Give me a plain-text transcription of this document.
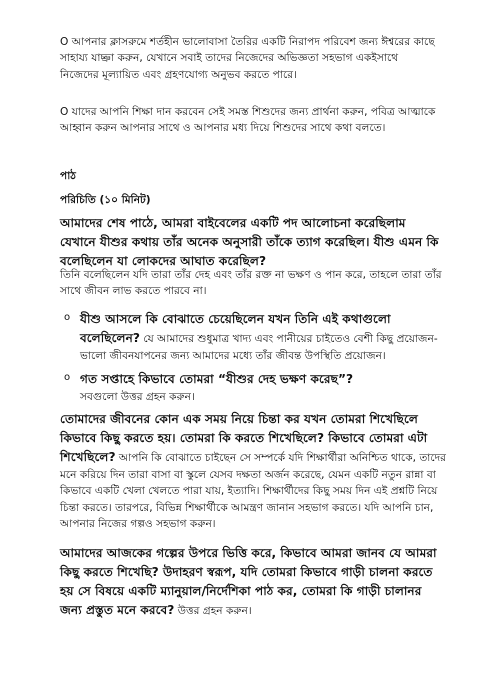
O আপনার ক্লাসরুমে শর্তহীন ভালোবাসা তৈরির একটি নিরাপদ পরিবেশ জন্য ঈশ্বরের কাছে সাহায্য যাচ্ঞা করুন, যেখানে সবাই তাদের নিজেদের অভিজ্ঞতা সহভাগ একইসাথে নিজেদের মূল্যায়িত এবং গ্রহণযোগ্য অনুভব করতে পারে।

O যাদের আপনি শিক্ষা দান করবেন সেই সমস্ত শিশুদের জন্য প্রার্থনা করুন, পবিত্র আত্মাকে আহ্বান করুন আপনার সাথে ও আপনার মধ্য দিয়ে শিশুদের সাথে কথা বলতে।

পাঠ

পরিচিতি (১০ মিনিট)

আমাদের শেষ পাঠে, আমরা বাইবেলের একটি পদ আলোচনা করেছিলাম যেখানে যীশুর কথায় তাঁর অনেক অনুসারী তাঁকে ত্যাগ করেছিল। যীশু এমন কি বলেছিলেন যা লোকদের আঘাত করেছিল?

তিনি বলেছিলেন যদি তারা তাঁর দেহ এবং তাঁর রক্ত না ভক্ষণ ও পান করে, তাহলে তারা তাঁর সাথে জীবন লাভ করতে পারবে না।

o যীশু আসলে কি বোঝাতে চেয়েছিলেন যখন তিনি এই কথাগুলো বলেছিলেন? যে আমাদের শুধুমাত্র খাদ্য এবং পানীয়ের চাইতেও বেশী কিছু প্রয়োজন- ভালো জীবনযাপনের জন্য আমাদের মধ্যে তাঁর জীবন্ত উপস্থিতি প্রয়োজন।
o গত সপ্তাহে কিভাবে তোমরা “যীশুর দেহ ভক্ষণ করেছ”?
সবগুলো উত্তর গ্রহন করুন।

তোমাদের জীবনের কোন এক সময় নিয়ে চিন্তা কর যখন তোমরা শিখেছিলে কিভাবে কিছু করতে হয়। তোমরা কি করতে শিখেছিলে? কিভাবে তোমরা এটা শিখেছিলে? আপনি কি বোঝাতে চাইছেন সে সম্পর্কে যদি শিক্ষার্থীরা অনিশ্চিত থাকে, তাদের মনে করিয়ে দিন তারা বাসা বা স্কুলে যেসব দক্ষতা অর্জন করেছে, যেমন একটি নতুন রান্না বা কিভাবে একটি খেলা খেলতে পারা যায়, ইত্যাদি। শিক্ষার্থীদের কিছু সময় দিন এই প্রশ্নটি নিয়ে চিন্তা করতে। তারপরে, বিভিন্ন শিক্ষার্থীকে আমন্ত্রণ জানান সহভাগ করতে। যদি আপনি চান, আপনার নিজের গল্পও সহভাগ করুন।

আমাদের আজকের গল্পের উপরে ভিত্তি করে, কিভাবে আমরা জানব যে আমরা কিছু করতে শিখেছি? উদাহরণ স্বরূপ, যদি তোমরা কিভাবে গাড়ী চালনা করতে হয় সে বিষয়ে একটি ম্যানুয়াল/নির্দেশিকা পাঠ কর, তোমরা কি গাড়ী চালানর জন্য প্রস্তুত মনে করবে? উত্তর গ্রহন করুন।
